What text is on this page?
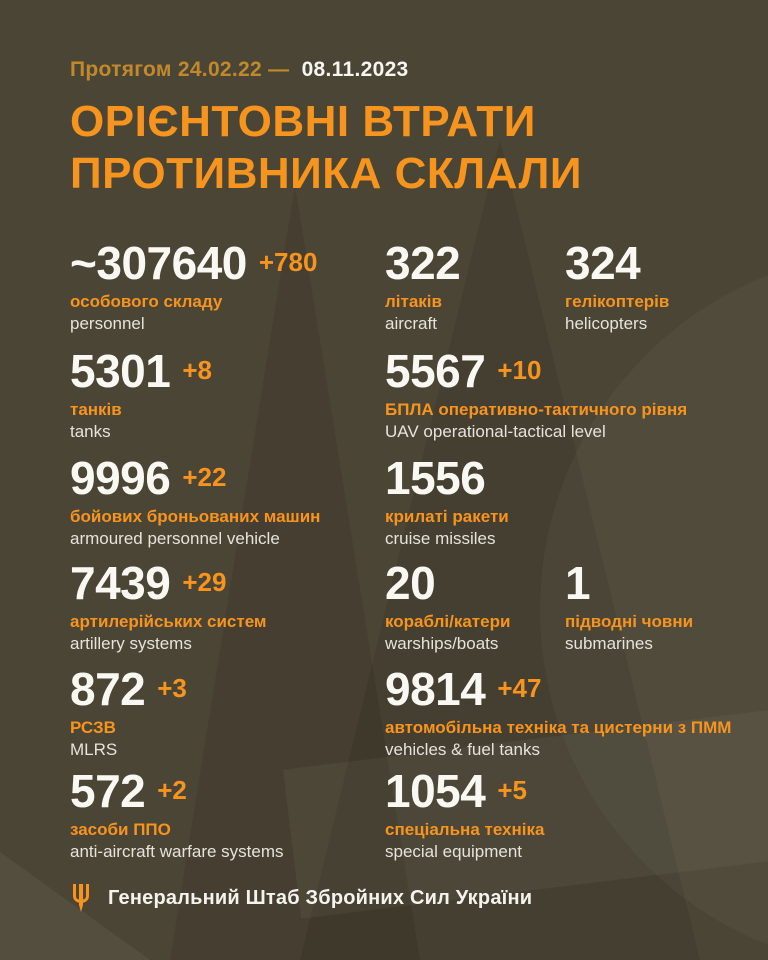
Протягом 24.02.22 — 08.11.2023
ОРІЄНТОВНІ ВТРАТИ
ПРОТИВНИКА СКЛАЛИ
~307640 +780
особового складу
personnel
322
літаків
aircraft
324
гелікоптерів
helicopters
5301 +8
танків
tanks
5567 +10
БПЛА оперативно-тактичного рівня
UAV operational-tactical level
9996 +22
бойових броньованих машин
armoured personnel vehicle
1556
крилаті ракети
cruise missiles
7439 +29
артилерійських систем
artillery systems
20
кораблі/катери
warships/boats
1
підводні човни
submarines
872 +3
РСЗВ
MLRS
9814 +47
автомобільна техніка та цистерни з ПММ
vehicles & fuel tanks
572 +2
засоби ППО
anti-aircraft warfare systems
1054 +5
спеціальна техніка
special equipment
Генеральний Штаб Збройних Сил України
